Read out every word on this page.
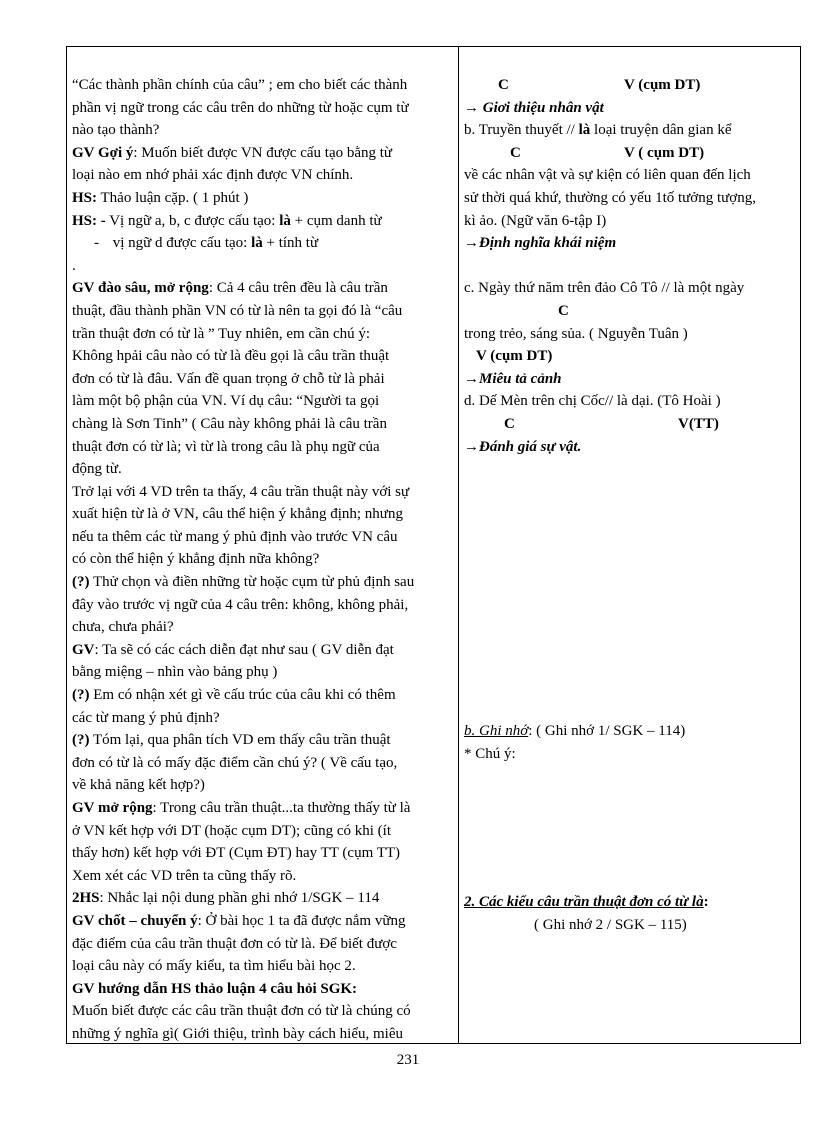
“Các thành phần chính của câu” ; em cho biết các thành
phần vị ngữ trong các câu trên do những từ hoặc cụm từ
nào tạo thành?
GV Gợi ý: Muốn biết được VN được cấu tạo bằng từ
loại nào em nhớ phải xác định được VN chính.
HS: Thảo luận cặp. ( 1 phút )
HS: - Vị ngữ a, b, c được cấu tạo: là + cụm danh từ
- vị ngữ d được cấu tạo: là + tính từ
.
GV đào sâu, mở rộng: Cả 4 câu trên đều là câu trần
thuật, đầu thành phần VN có từ là nên ta gọi đó là “câu
trần thuật đơn có từ là ” Tuy nhiên, em cần chú ý:
Không hpải câu nào có từ là đều gọi là câu trần thuật
đơn có từ là đâu. Vấn đề quan trọng ở chỗ từ là phải
làm một bộ phận của VN. Ví dụ câu: “Người ta gọi
chàng là Sơn Tinh” ( Câu này không phải là câu trần
thuật đơn có từ là; vì từ là trong câu là phụ ngữ của
động từ.
Trở lại với 4 VD trên ta thấy, 4 câu trần thuật này với sự
xuất hiện từ là ở VN, câu thể hiện ý khẳng định; nhưng
nếu ta thêm các từ mang ý phủ định vào trước VN câu
có còn thể hiện ý khẳng định nữa không?
(?) Thử chọn và điền những từ hoặc cụm từ phủ định sau
đây vào trước vị ngữ của 4 câu trên: không, không phải,
chưa, chưa phải?
GV: Ta sẽ có các cách diễn đạt như sau ( GV diễn đạt
bằng miệng – nhìn vào bảng phụ )
(?) Em có nhận xét gì về cấu trúc của câu khi có thêm
các từ mang ý phủ định?
(?) Tóm lại, qua phân tích VD em thấy câu trần thuật
đơn có từ là có mấy đặc điểm cần chú ý? ( Về cấu tạo,
về khả năng kết hợp?)
GV mở rộng: Trong câu trần thuật...ta thường thấy từ là
ở VN kết hợp với DT (hoặc cụm DT); cũng có khi (ít
thấy hơn) kết hợp với ĐT (Cụm ĐT) hay TT (cụm TT)
Xem xét các VD trên ta cũng thấy rõ.
2HS: Nhắc lại nội dung phần ghi nhớ 1/SGK – 114
GV chốt – chuyển ý: Ở bài học 1 ta đã được nắm vững
đặc điểm của câu trần thuật đơn có từ là. Để biết được
loại câu này có mấy kiểu, ta tìm hiểu bài học 2.
GV hướng dẫn HS thảo luận 4 câu hỏi SGK:
Muốn biết được các câu trần thuật đơn có từ là chúng có
những ý nghĩa gì( Giới thiệu, trình bày cách hiểu, miêu
C	V (cụm DT)
→ Giơi thiệu nhân vật
b. Truyền thuyết // là loại truyện dân gian kể
C	V ( cụm DT)
về các nhân vật và sự kiện có liên quan đến lịch
sử thời quá khứ, thường có yếu 1tố tưởng tượng,
kì ảo. (Ngữ văn 6-tập I)
→Định nghĩa khái niệm
c. Ngày thứ năm trên đảo Cô Tô // là một ngày
C
trong trẻo, sáng sủa. ( Nguyễn Tuân )
V (cụm DT)
→Miêu tả cảnh
d. Dế Mèn trên chị Cốc// là dại. (Tô Hoài )
C	V(TT)
→Đánh giá sự vật.
b. Ghi nhớ: ( Ghi nhớ 1/ SGK – 114)
* Chú ý:
2. Các kiểu câu trần thuật đơn có từ là:
( Ghi nhớ 2 / SGK – 115)
231
